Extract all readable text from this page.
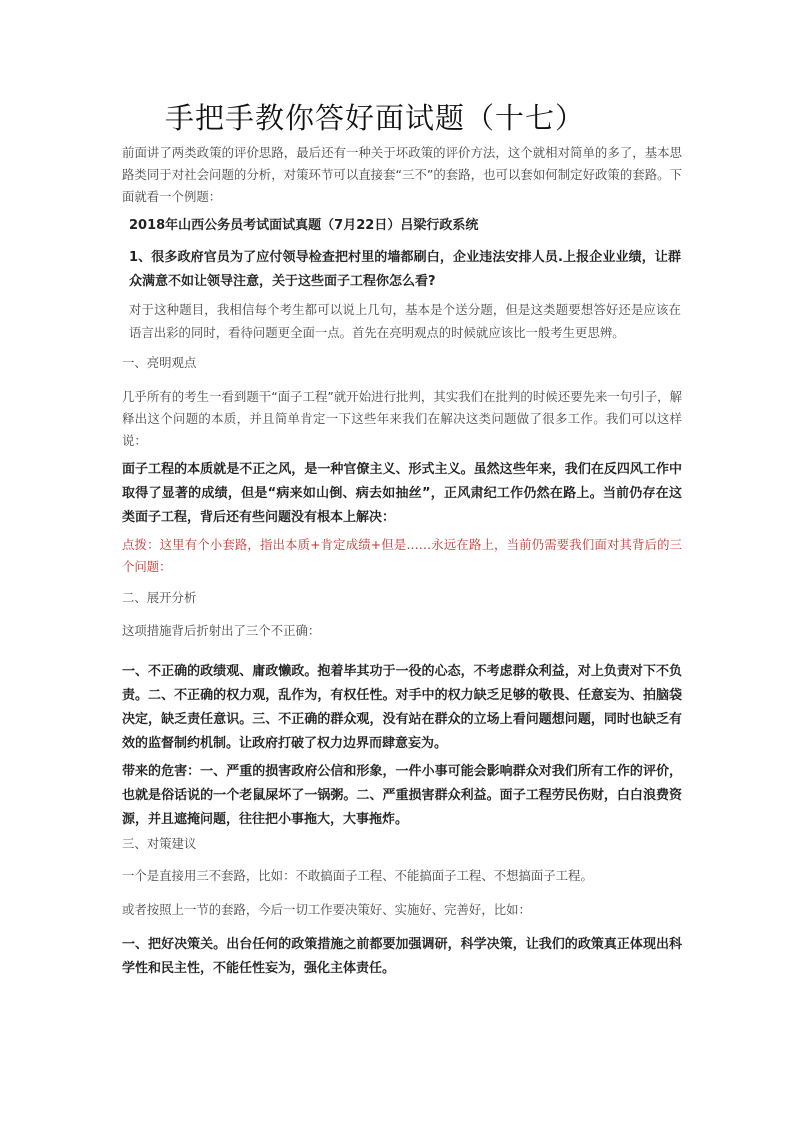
手把手教你答好面试题（十七）

前面讲了两类政策的评价思路，最后还有一种关于坏政策的评价方法，这个就相对简单的多了，基本思路类同于对社会问题的分析，对策环节可以直接套“三不”的套路，也可以套如何制定好政策的套路。下面就看一个例题：

2018年山西公务员考试面试真题（7月22日）吕梁行政系统

1、很多政府官员为了应付领导检查把村里的墙都刷白，企业违法安排人员.上报企业业绩，让群众满意不如让领导注意，关于这些面子工程你怎么看?

对于这种题目，我相信每个考生都可以说上几句，基本是个送分题，但是这类题要想答好还是应该在语言出彩的同时，看待问题更全面一点。首先在亮明观点的时候就应该比一般考生更思辨。

一、亮明观点

几乎所有的考生一看到题干“面子工程”就开始进行批判，其实我们在批判的时候还要先来一句引子，解释出这个问题的本质，并且简单肯定一下这些年来我们在解决这类问题做了很多工作。我们可以这样说：

面子工程的本质就是不正之风，是一种官僚主义、形式主义。虽然这些年来，我们在反四风工作中取得了显著的成绩，但是“病来如山倒、病去如抽丝”，正风肃纪工作仍然在路上。当前仍存在这类面子工程，背后还有些问题没有根本上解决：

点拨：这里有个小套路，指出本质+肯定成绩+但是……永远在路上，当前仍需要我们面对其背后的三个问题：

二、展开分析
这项措施背后折射出了三个不正确：

一、不正确的政绩观、庸政懒政。抱着毕其功于一役的心态，不考虑群众利益，对上负责对下不负责。二、不正确的权力观，乱作为，有权任性。对手中的权力缺乏足够的敬畏、任意妄为、拍脑袋决定，缺乏责任意识。三、不正确的群众观，没有站在群众的立场上看问题想问题，同时也缺乏有效的监督制约机制。让政府打破了权力边界而肆意妄为。

带来的危害：一、严重的损害政府公信和形象，一件小事可能会影响群众对我们所有工作的评价，也就是俗话说的一个老鼠屎坏了一锅粥。二、严重损害群众利益。面子工程劳民伤财，白白浪费资源，并且遮掩问题，往往把小事拖大，大事拖炸。

三、对策建议

一个是直接用三不套路，比如：不敢搞面子工程、不能搞面子工程、不想搞面子工程。

或者按照上一节的套路，今后一切工作要决策好、实施好、完善好，比如：

一、把好决策关。出台任何的政策措施之前都要加强调研，科学决策，让我们的政策真正体现出科学性和民主性，不能任性妄为，强化主体责任。
